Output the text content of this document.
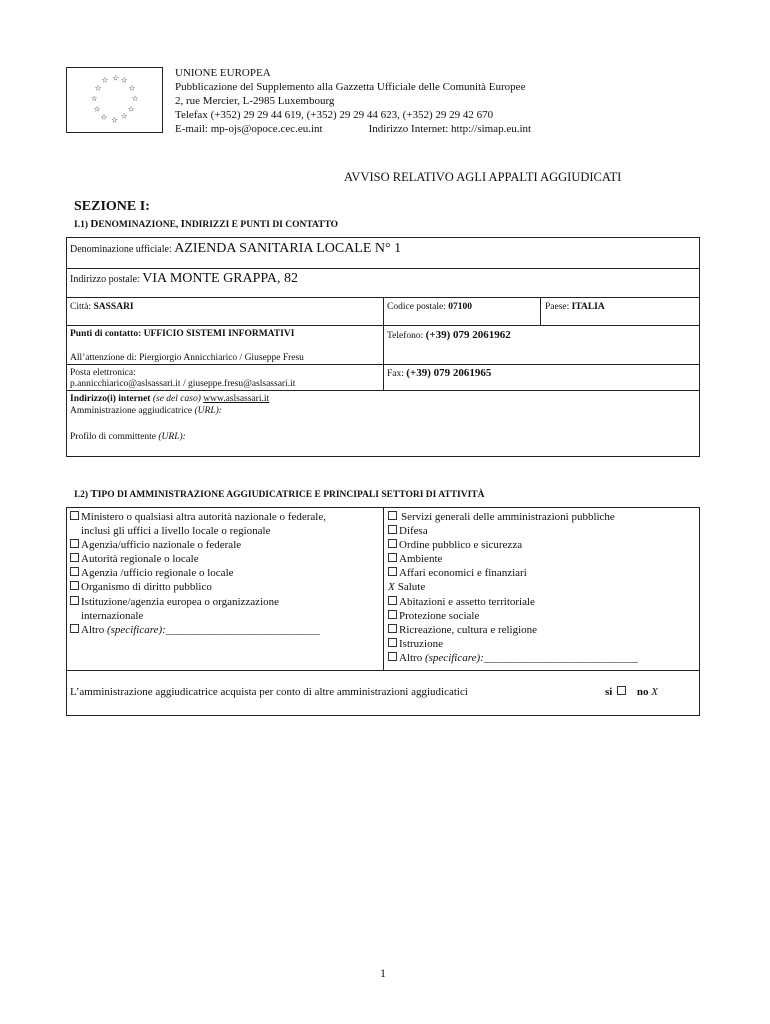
☆ ☆
☆
☆
☆
☆
☆
☆
☆
☆
☆ ☆
UNIONE EUROPEA
Pubblicazione del Supplemento alla Gazzetta Ufficiale delle Comunità Europee
2, rue Mercier, L-2985 Luxembourg
Telefax (+352) 29 29 44 619, (+352) 29 29 44 623, (+352) 29 29 42 670
E-mail: mp-ojs@opoce.cec.eu.int	Indirizzo Internet: http://simap.eu.int
AVVISO RELATIVO AGLI APPALTI AGGIUDICATI
SEZIONE I:
I.1) DENOMINAZIONE, INDIRIZZI E PUNTI DI CONTATTO
Denominazione ufficiale: AZIENDA SANITARIA LOCALE N° 1
Indirizzo postale: VIA MONTE GRAPPA, 82
Città: SASSARI	Codice postale: 07100	Paese: ITALIA
Punti di contatto: UFFICIO SISTEMI INFORMATIVI	Telefono: (+39) 079 2061962
All’attenzione di: Piergiorgio Annicchiarico / Giuseppe Fresu
Posta elettronica:
p.annicchiarico@aslsassari.it / giuseppe.fresu@aslsassari.it
Fax: (+39) 079 2061965
Indirizzo(i) internet (se del caso) www.aslsassari.it
Amministrazione aggiudicatrice (URL):
Profilo di committente (URL):
I.2) TIPO DI AMMINISTRAZIONE AGGIUDICATRICE E PRINCIPALI SETTORI DI ATTIVITÀ
Ministero o qualsiasi altra autorità nazionale o federale,
inclusi gli uffici a livello locale o regionale
Agenzia/ufficio nazionale o federale
Autorità regionale o locale
Agenzia /ufficio regionale o locale
Organismo di diritto pubblico
Istituzione/agenzia europea o organizzazione
internazionale
Altro (specificare):____________________________
Servizi generali delle amministrazioni pubbliche
Difesa
Ordine pubblico e sicurezza
Ambiente
Affari economici e finanziari
X Salute
Abitazioni e assetto territoriale
Protezione sociale
Ricreazione, cultura e religione
Istruzione
Altro (specificare):____________________________
L’amministrazione aggiudicatrice acquista per conto di altre amministrazioni aggiudicatici	si no X
1
